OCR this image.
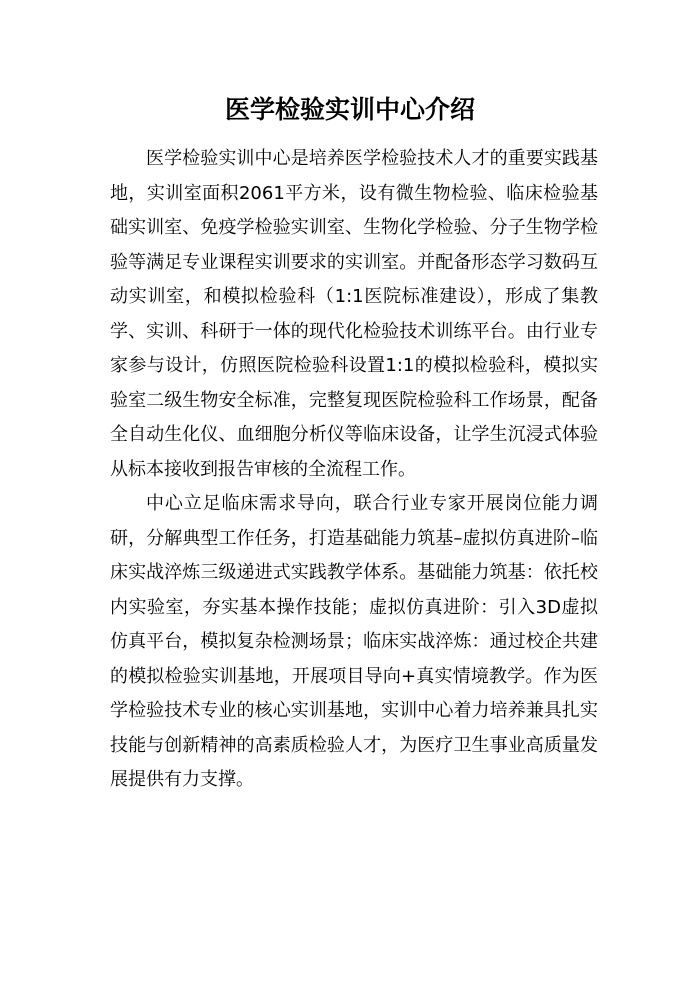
医学检验实训中心介绍

医学检验实训中心是培养医学检验技术人才的重要实践基地，实训室面积2061平方米，设有微生物检验、临床检验基础实训室、免疫学检验实训室、生物化学检验、分子生物学检验等满足专业课程实训要求的实训室。并配备形态学习数码互动实训室，和模拟检验科（1:1医院标准建设），形成了集教学、实训、科研于一体的现代化检验技术训练平台。由行业专家参与设计，仿照医院检验科设置1:1的模拟检验科，模拟实验室二级生物安全标准，完整复现医院检验科工作场景，配备全自动生化仪、血细胞分析仪等临床设备，让学生沉浸式体验从标本接收到报告审核的全流程工作。

中心立足临床需求导向，联合行业专家开展岗位能力调研，分解典型工作任务，打造基础能力筑基–虚拟仿真进阶–临床实战淬炼三级递进式实践教学体系。基础能力筑基：依托校内实验室，夯实基本操作技能；虚拟仿真进阶：引入3D虚拟仿真平台，模拟复杂检测场景；临床实战淬炼：通过校企共建的模拟检验实训基地，开展项目导向+真实情境教学。作为医学检验技术专业的核心实训基地，实训中心着力培养兼具扎实技能与创新精神的高素质检验人才，为医疗卫生事业高质量发展提供有力支撑。
